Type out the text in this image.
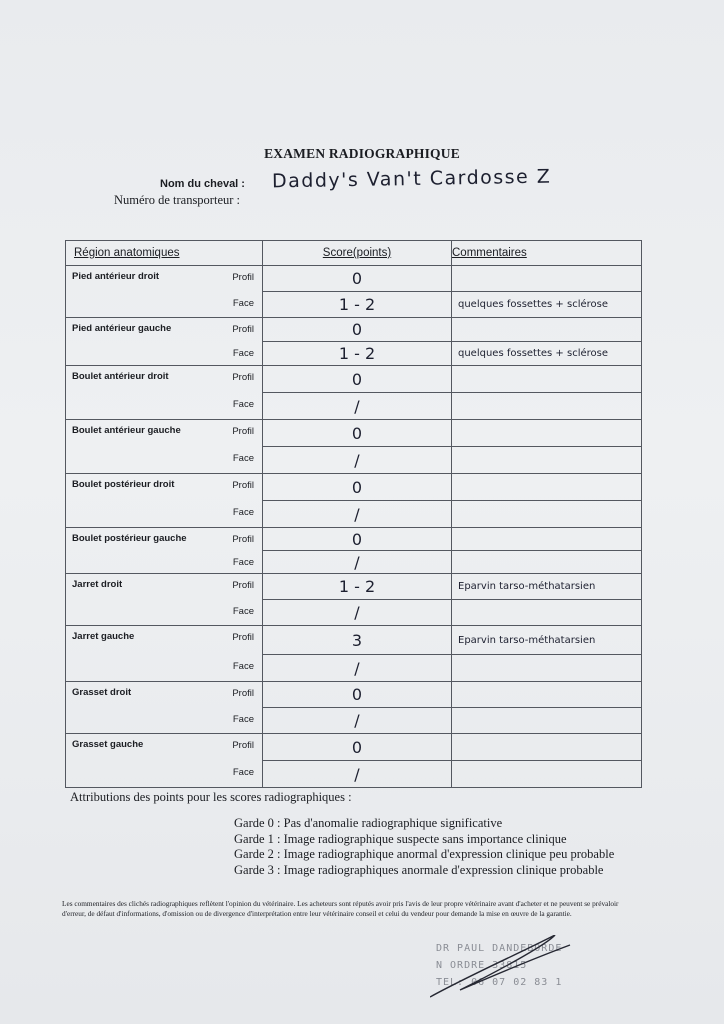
EXAMEN RADIOGRAPHIQUE
Nom du cheval : Daddy's Van't Cardosse Z
Numéro de transporteur :
Région anatomiques	Score(points)	Commentaires

Pied antérieur droit Profil	0	

Face	1 - 2	quelques fossettes + sclérose

Pied antérieur gauche Profil	0	

Face	1 - 2	quelques fossettes + sclérose

Boulet antérieur droit Profil	0	

Face	/	

Boulet antérieur gauche Profil	0	

Face	/	

Boulet postérieur droit Profil	0	

Face	/	

Boulet postérieur gauche Profil	0	

Face	/	

Jarret droit Profil	1 - 2	Eparvin tarso-méthatarsien

Face	/	

Jarret gauche Profil	3	Eparvin tarso-méthatarsien

Face	/	

Grasset droit Profil	0	

Face	/	

Grasset gauche Profil	0	

Face	/	
Attributions des points pour les scores radiographiques :
Garde 0 : Pas d'anomalie radiographique significative
Garde 1 : Image radiographique suspecte sans importance clinique
Garde 2 : Image radiographique anormal d'expression clinique peu probable
Garde 3 : Image radiographiques anormale d'expression clinique probable
Les commentaires des clichés radiographiques reflètent l'opinion du vétérinaire. Les acheteurs sont réputés avoir pris l'avis de leur propre vétérinaire avant d'acheter et ne peuvent se prévaloir d'erreur, de défaut d'informations, d'omission ou de divergence d'interprétation entre leur vétérinaire conseil et celui du vendeur pour demande la mise en œuvre de la garantie.
DR PAUL DANDEBORDE
N ORDRE 33815
TEL: 06 07 02 83 1
